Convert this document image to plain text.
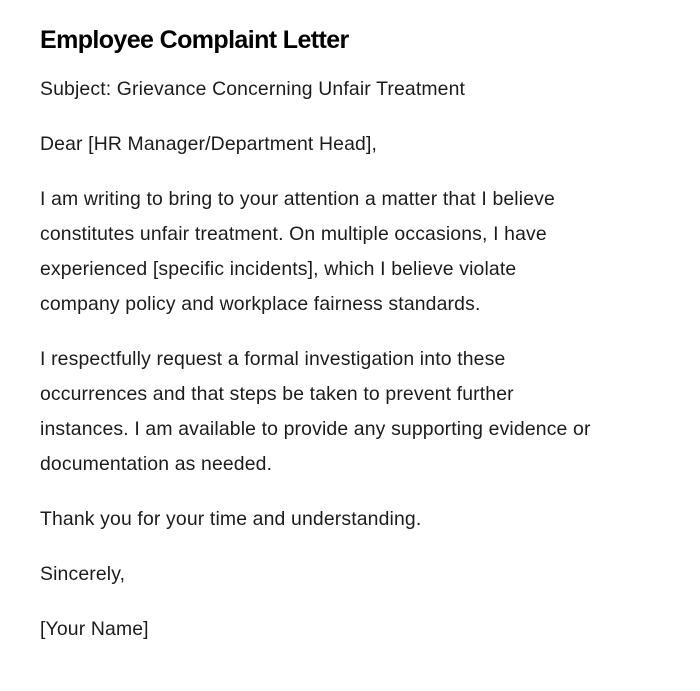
Employee Complaint Letter

Subject: Grievance Concerning Unfair Treatment

Dear [HR Manager/Department Head],

I am writing to bring to your attention a matter that I believe
constitutes unfair treatment. On multiple occasions, I have
experienced [specific incidents], which I believe violate
company policy and workplace fairness standards.

I respectfully request a formal investigation into these
occurrences and that steps be taken to prevent further
instances. I am available to provide any supporting evidence or
documentation as needed.

Thank you for your time and understanding.

Sincerely,

[Your Name]
